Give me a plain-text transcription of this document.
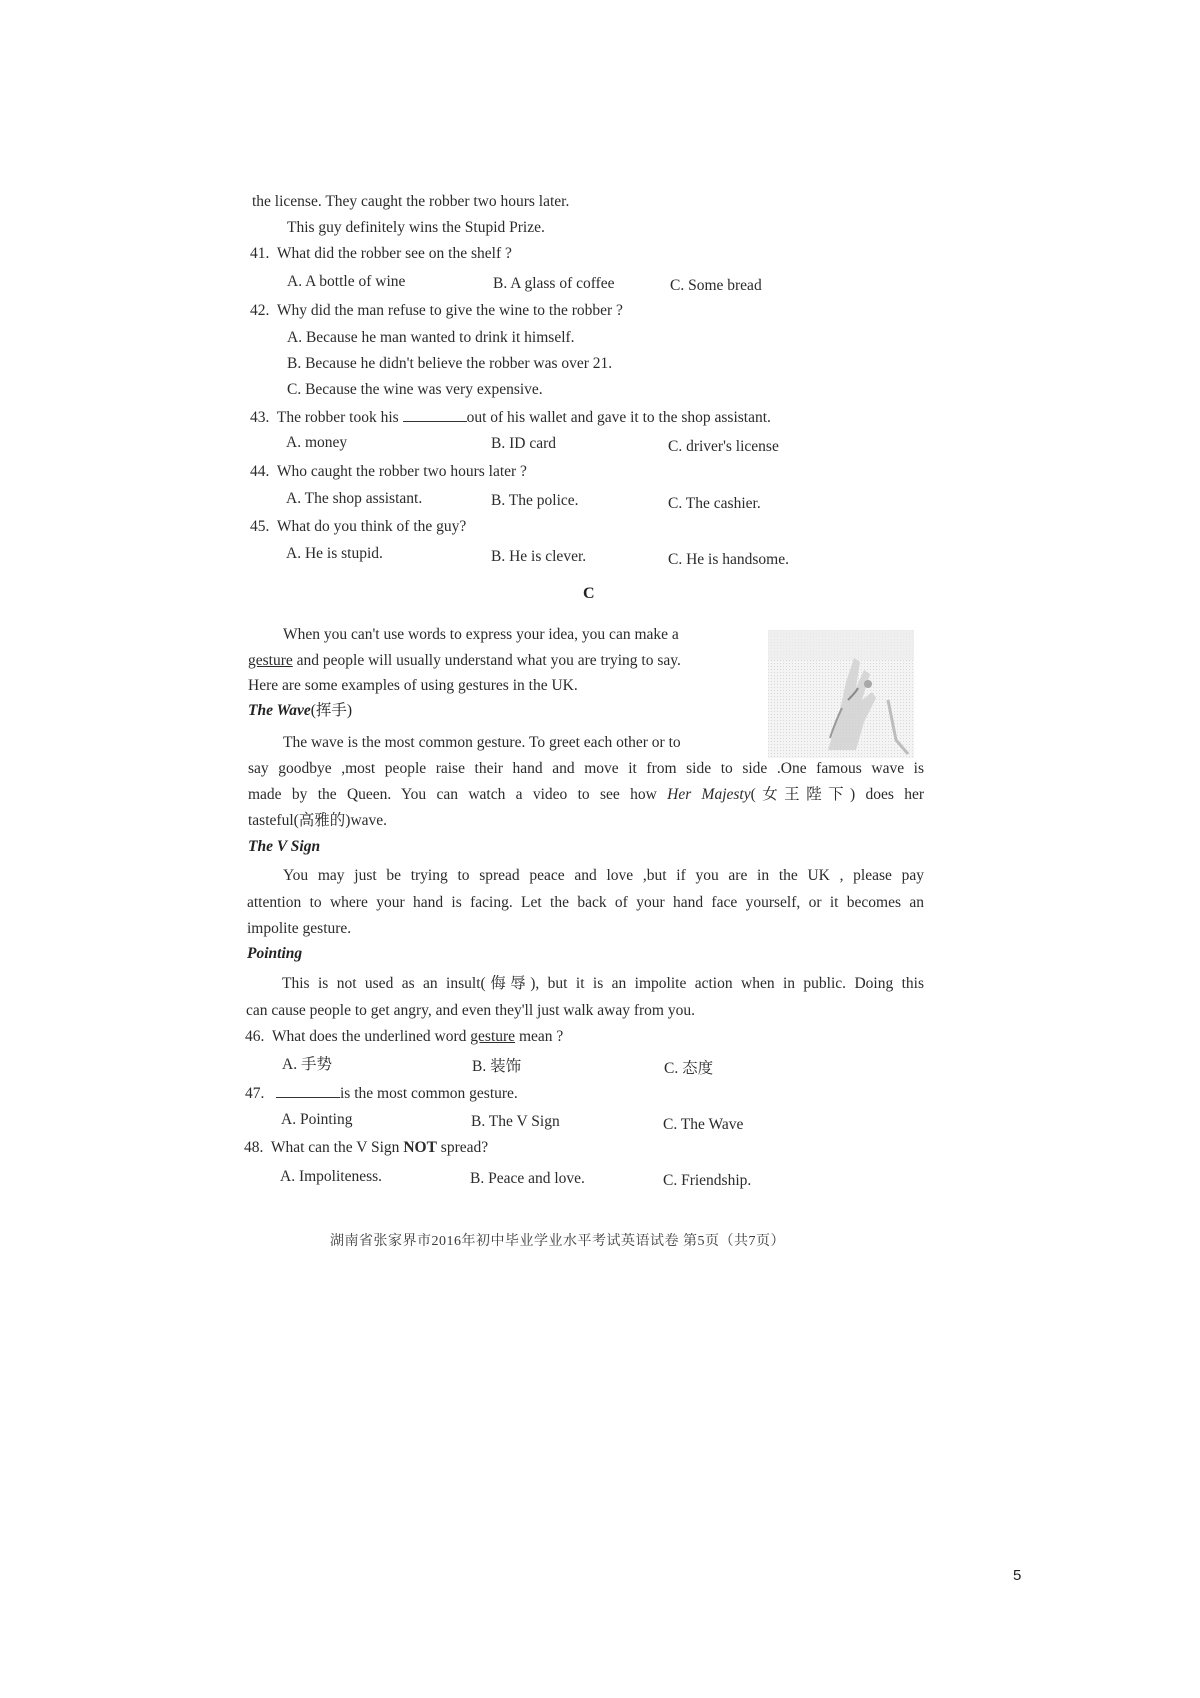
the license. They caught the robber two hours later.
This guy definitely wins the Stupid Prize.
41. What did the robber see on the shelf ?
A. A bottle of wine	B. A glass of coffee	C. Some bread
42. Why did the man refuse to give the wine to the robber ?
A. Because he man wanted to drink it himself.
B. Because he didn't believe the robber was over 21.
C. Because the wine was very expensive.
43. The robber took his	out of his wallet and gave it to the shop assistant.
A. money	B. ID card	C. driver's license
44. Who caught the robber two hours later ?
A. The shop assistant.	B. The police.	C. The cashier.
45. What do you think of the guy?
A. He is stupid.	B. He is clever.	C. He is handsome.
C
When you can't use words to express your idea, you can make a
gesture and people will usually understand what you are trying to say.
Here are some examples of using gestures in the UK.
The Wave(挥手)
The wave is the most common gesture. To greet each other or to
say goodbye ,most people raise their hand and move it from side to side .One famous wave is
made by the Queen. You can watch a video to see how Her Majesty(女王陛下) does her
tasteful(高雅的)wave.
The V Sign
You may just be trying to spread peace and love ,but if you are in the UK , please pay
attention to where your hand is facing. Let the back of your hand face yourself, or it becomes an
impolite gesture.
Pointing
This is not used as an insult(侮辱), but it is an impolite action when in public. Doing this
can cause people to get angry, and even they'll just walk away from you.
46. What does the underlined word gesture mean ?
A. 手势	B. 装饰	C. 态度
47.	is the most common gesture.
A. Pointing	B. The V Sign	C. The Wave
48. What can the V Sign NOT spread?
A. Impoliteness.	B. Peace and love.	C. Friendship.
湖南省张家界市2016年初中毕业学业水平考试英语试卷 第5页（共7页）
5
